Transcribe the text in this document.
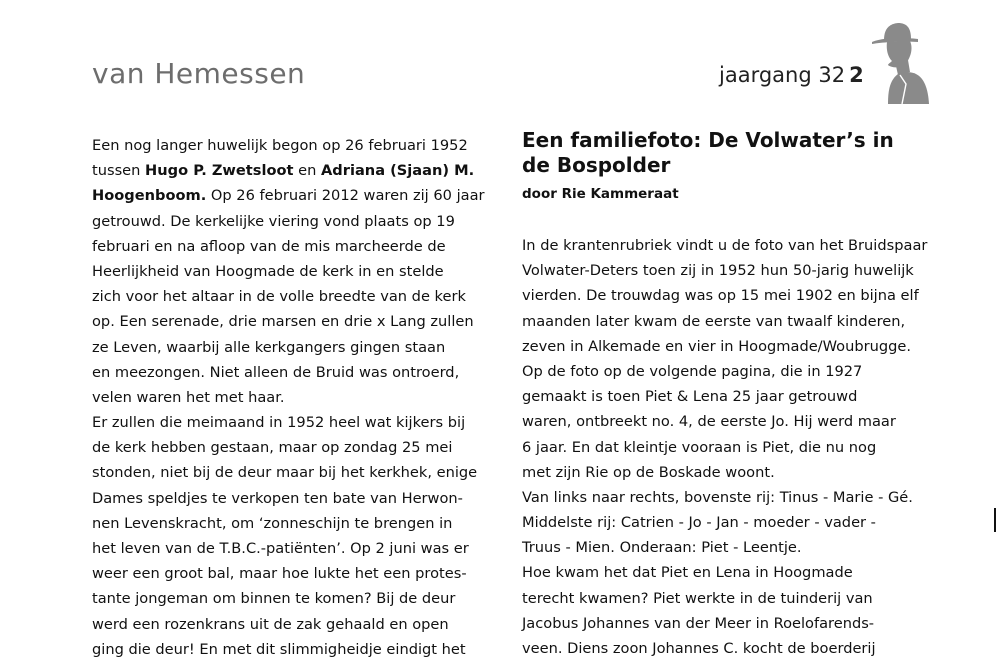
van Hemessen	jaargang 32 2
Een nog langer huwelijk begon op 26 februari 1952
tussen Hugo P. Zwetsloot en Adriana (Sjaan) M.
Hoogenboom. Op 26 februari 2012 waren zij 60 jaar
getrouwd. De kerkelijke viering vond plaats op 19
februari en na afloop van de mis marcheerde de
Heerlijkheid van Hoogmade de kerk in en stelde
zich voor het altaar in de volle breedte van de kerk
op. Een serenade, drie marsen en drie x Lang zullen
ze Leven, waarbij alle kerkgangers gingen staan
en meezongen. Niet alleen de Bruid was ontroerd,
velen waren het met haar.
Er zullen die meimaand in 1952 heel wat kijkers bij
de kerk hebben gestaan, maar op zondag 25 mei
stonden, niet bij de deur maar bij het kerkhek, enige
Dames speldjes te verkopen ten bate van Herwon-
nen Levenskracht, om ‘zonneschijn te brengen in
het leven van de T.B.C.-patiënten’. Op 2 juni was er
weer een groot bal, maar hoe lukte het een protes-
tante jongeman om binnen te komen? Bij de deur
werd een rozenkrans uit de zak gehaald en open
ging die deur! En met dit slimmigheidje eindigt het
Een familiefoto: De Volwater’s in
de Bospolder
door Rie Kammeraat
In de krantenrubriek vindt u de foto van het Bruidspaar
Volwater-Deters toen zij in 1952 hun 50-jarig huwelijk
vierden. De trouwdag was op 15 mei 1902 en bijna elf
maanden later kwam de eerste van twaalf kinderen,
zeven in Alkemade en vier in Hoogmade/Woubrugge.
Op de foto op de volgende pagina, die in 1927
gemaakt is toen Piet & Lena 25 jaar getrouwd
waren, ontbreekt no. 4, de eerste Jo. Hij werd maar
6 jaar. En dat kleintje vooraan is Piet, die nu nog
met zijn Rie op de Boskade woont.
Van links naar rechts, bovenste rij: Tinus - Marie - Gé.
Middelste rij: Catrien - Jo - Jan - moeder - vader -
Truus - Mien. Onderaan: Piet - Leentje.
Hoe kwam het dat Piet en Lena in Hoogmade
terecht kwamen? Piet werkte in de tuinderij van
Jacobus Johannes van der Meer in Roelofarends-
veen. Diens zoon Johannes C. kocht de boerderij
